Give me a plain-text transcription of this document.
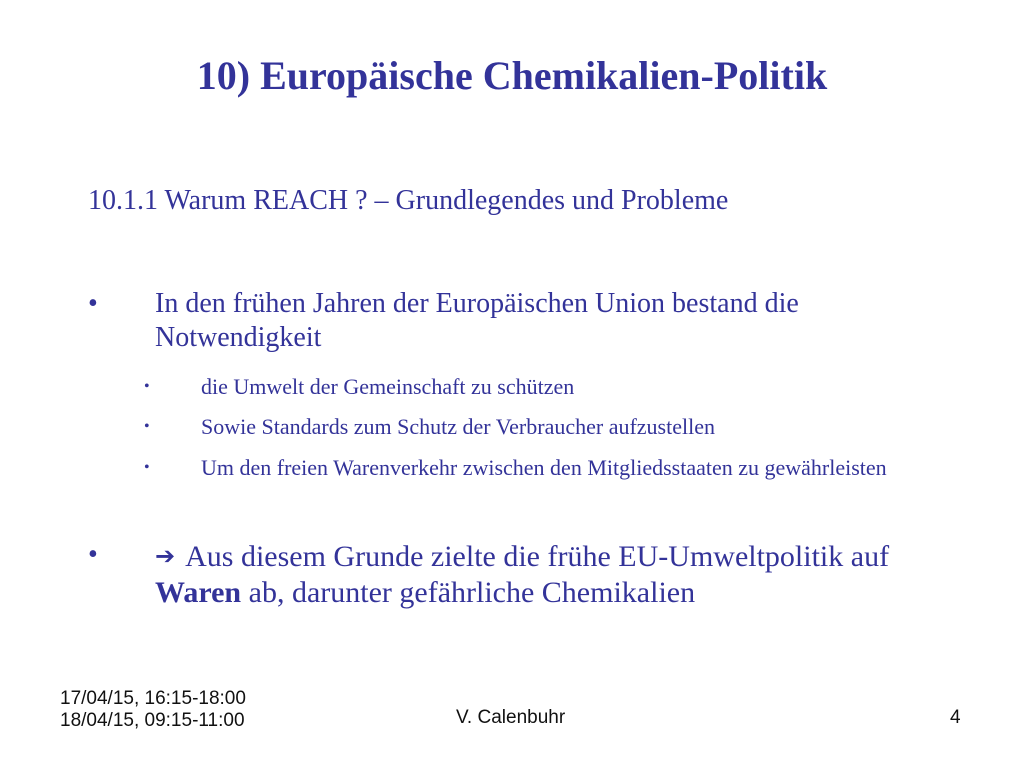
10) Europäische Chemikalien-Politik
10.1.1 Warum REACH ? – Grundlegendes und Probleme
• In den frühen Jahren der Europäischen Union bestand die Notwendigkeit
• die Umwelt der Gemeinschaft zu schützen
• Sowie Standards zum Schutz der Verbraucher aufzustellen
• Um den freien Warenverkehr zwischen den Mitgliedsstaaten zu gewährleisten
• ➔ Aus diesem Grunde zielte die frühe EU-Umweltpolitik auf Waren ab, darunter gefährliche Chemikalien
17/04/15, 16:15-18:00
18/04/15, 09:15-11:00	V. Calenbuhr	4
